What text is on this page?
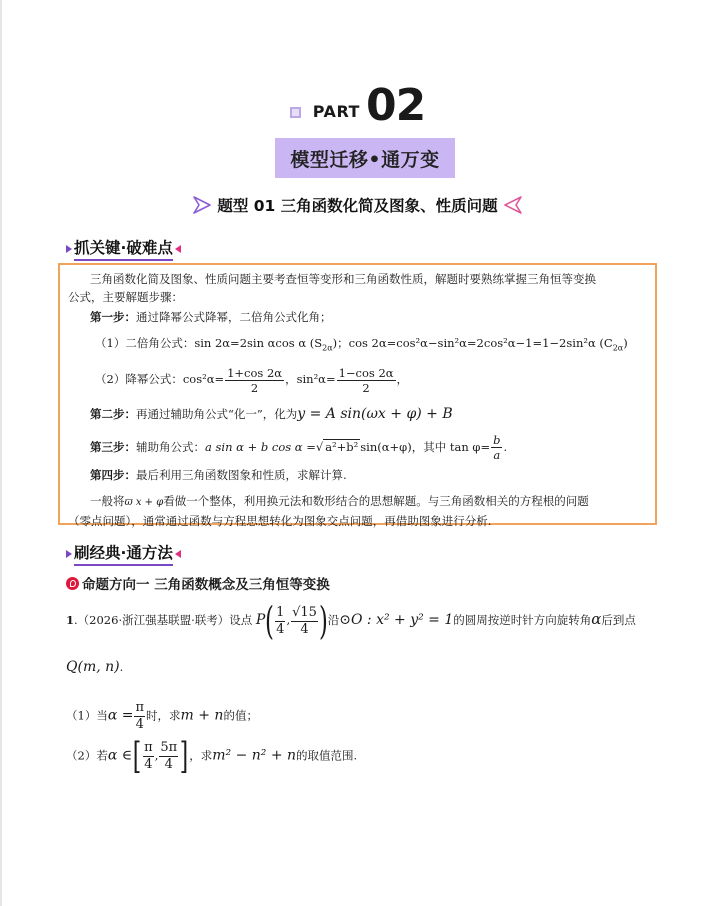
PART 02
模型迁移•通万变
题型 01 三角函数化简及图象、性质问题
抓关键·破难点
三角函数化简及图象、性质问题主要考查恒等变形和三角函数性质，解题时要熟练掌握三角恒等变换
公式，主要解题步骤：
第一步：通过降幂公式降幂，二倍角公式化角；
（1）二倍角公式：sin 2α=2sin αcos α $(S_{2\alpha})$；cos 2α=cos²α−sin²α=2cos²α−1=1−2sin²α $(C_{2\alpha})$
（2）降幂公式：$\cos^2\alpha= \frac{1+\cos 2\alpha}{2}$ ，$\sin^2\alpha= \frac{1-\cos 2\alpha}{2}$ ，
第二步：再通过辅助角公式“化一”，化为y = A sin(ωx + φ) + B
第三步：辅助角公式：a sin α + b cos α =√ a²+b² sin(α+φ)，其中 $\tan \varphi= \frac{b}{a}$ .
第四步：最后利用三角函数图象和性质，求解计算.
一般将ϖ x + φ看做一个整体，利用换元法和数形结合的思想解题。与三角函数相关的方程根的问题
（零点问题），通常通过函数与方程思想转化为图象交点问题，再借助图象进行分析.
刷经典·通方法
命题方向一 三角函数概念及三角恒等变换
1.（2026·浙江强基联盟·联考）设点 $P( \frac{1}{4}$ , $\frac{√15}{4}$ )沿⊙O : x² + y² = 1的圆周按逆时针方向旋转角α后到点
Q(m, n).
（1）当$\alpha = \frac{\pi}{4}$ 时，求m + n的值；
（2）若α ∈[ $\frac{\pi}{4}$ , $\frac{5\pi}{4}$ ]，求m² − n² + n的取值范围.
